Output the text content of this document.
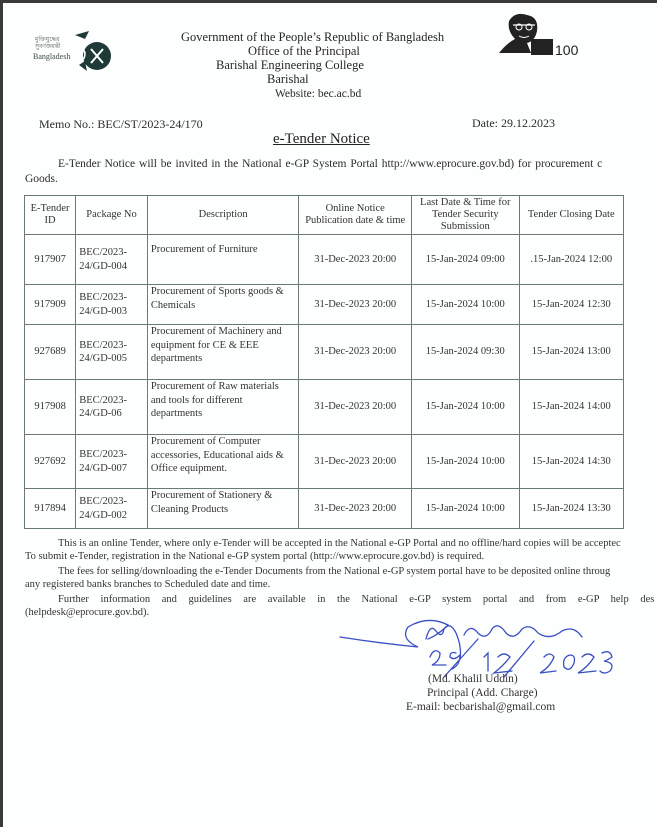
মুক্তিযুদ্ধের
সুবর্ণজয়ন্তী
Bangladesh
Government of the People’s Republic of Bangladesh
Office of the Principal
Barishal Engineering College
Barishal
Website: bec.ac.bd
100
Memo No.: BEC/ST/2023-24/170	Date: 29.12.2023
e-Tender Notice
E-Tender Notice will be invited in the National e-GP System Portal http://www.eprocure.gov.bd) for procurement c
Goods.
E-Tender ID	Package No	Description	Online Notice Publication date & time	Last Date & Time for Tender Security Submission	Tender Closing Date
917907	BEC/2023-24/GD-004	Procurement of Furniture	31-Dec-2023 20:00	15-Jan-2024 09:00	.15-Jan-2024 12:00
917909	BEC/2023-24/GD-003	Procurement of Sports goods & Chemicals	31-Dec-2023 20:00	15-Jan-2024 10:00	15-Jan-2024 12:30
927689	BEC/2023-24/GD-005	Procurement of Machinery and equipment for CE & EEE departments	31-Dec-2023 20:00	15-Jan-2024 09:30	15-Jan-2024 13:00
917908	BEC/2023-24/GD-06	Procurement of Raw materials and tools for different departments	31-Dec-2023 20:00	15-Jan-2024 10:00	15-Jan-2024 14:00
927692	BEC/2023-24/GD-007	Procurement of Computer accessories, Educational aids & Office equipment.	31-Dec-2023 20:00	15-Jan-2024 10:00	15-Jan-2024 14:30
917894	BEC/2023-24/GD-002	Procurement of Stationery & Cleaning Products	31-Dec-2023 20:00	15-Jan-2024 10:00	15-Jan-2024 13:30
This is an online Tender, where only e-Tender will be accepted in the National e-GP Portal and no offline/hard copies will be acceptec
To submit e-Tender, registration in the National e-GP system portal (http://www.eprocure.gov.bd) is required.
The fees for selling/downloading the e-Tender Documents from the National e-GP system portal have to be deposited online throug
any registered banks branches to Scheduled date and time.
Further information and guidelines are available in the National e-GP system portal and from e-GP help des
(helpdesk@eprocure.gov.bd).
(Md. Khalil Uddin)
Principal (Add. Charge)
E-mail: becbarishal@gmail.com
